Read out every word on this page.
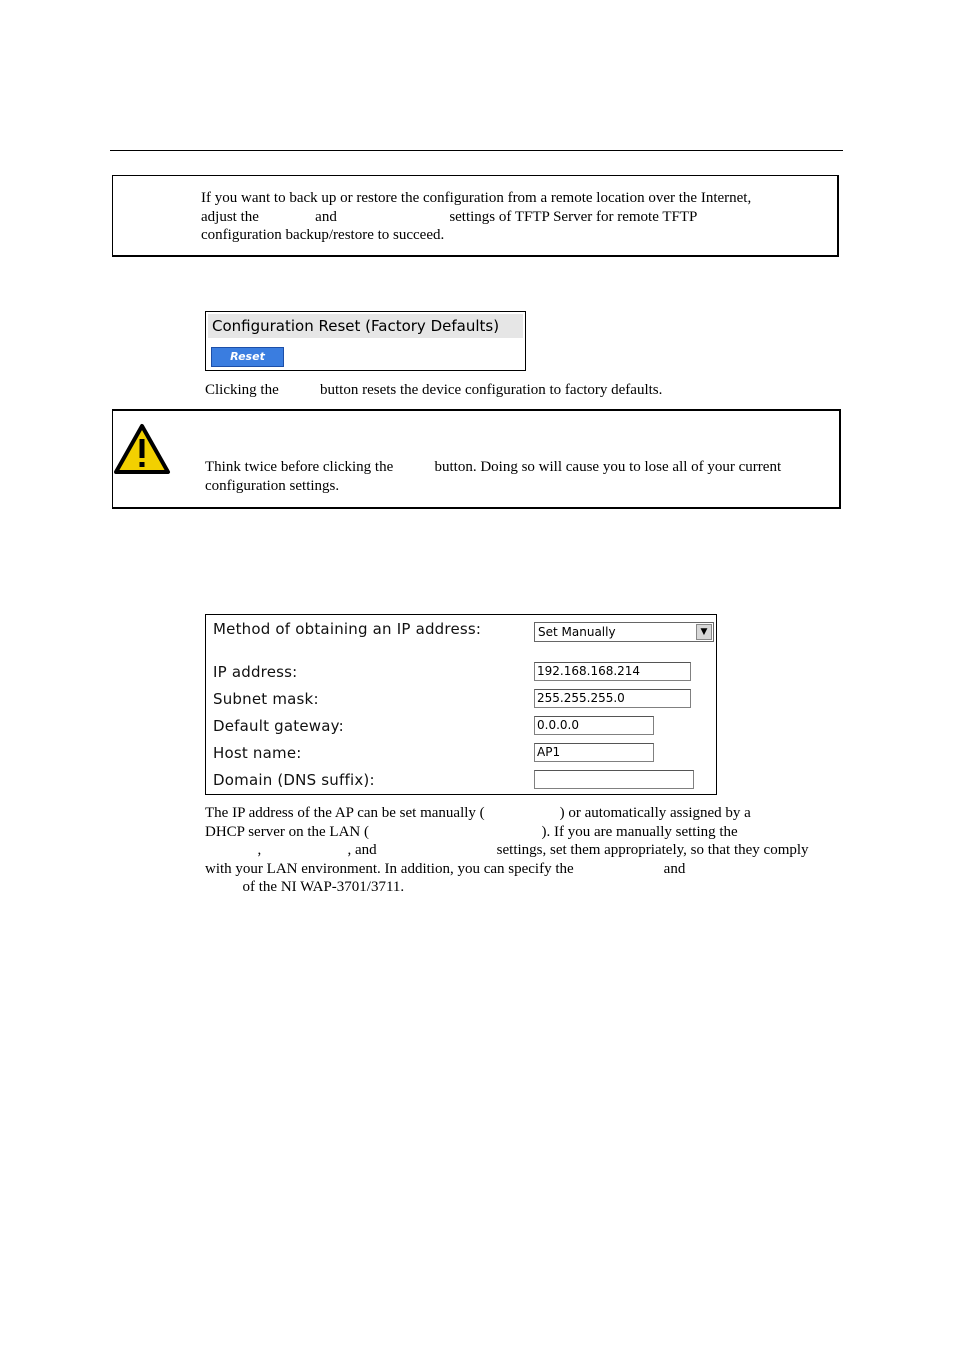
If you want to back up or restore the configuration from a remote location over the Internet,
adjust the               and                              settings of TFTP Server for remote TFTP
configuration backup/restore to succeed.
Configuration Reset (Factory Defaults)
Reset
Clicking the           button resets the device configuration to factory defaults.
Think twice before clicking the           button. Doing so will cause you to lose all of your current
configuration settings.
Method of obtaining an IP address:	Set Manually	▼
IP address:	192.168.168.214
Subnet mask:	255.255.255.0
Default gateway:	0.0.0.0
Host name:	AP1
Domain (DNS suffix):
The IP address of the AP can be set manually (                    ) or automatically assigned by a
DHCP server on the LAN (                                              ). If you are manually setting the
,                       , and                                settings, set them appropriately, so that they comply
with your LAN environment. In addition, you can specify the                        and
of the NI WAP-3701/3711.
